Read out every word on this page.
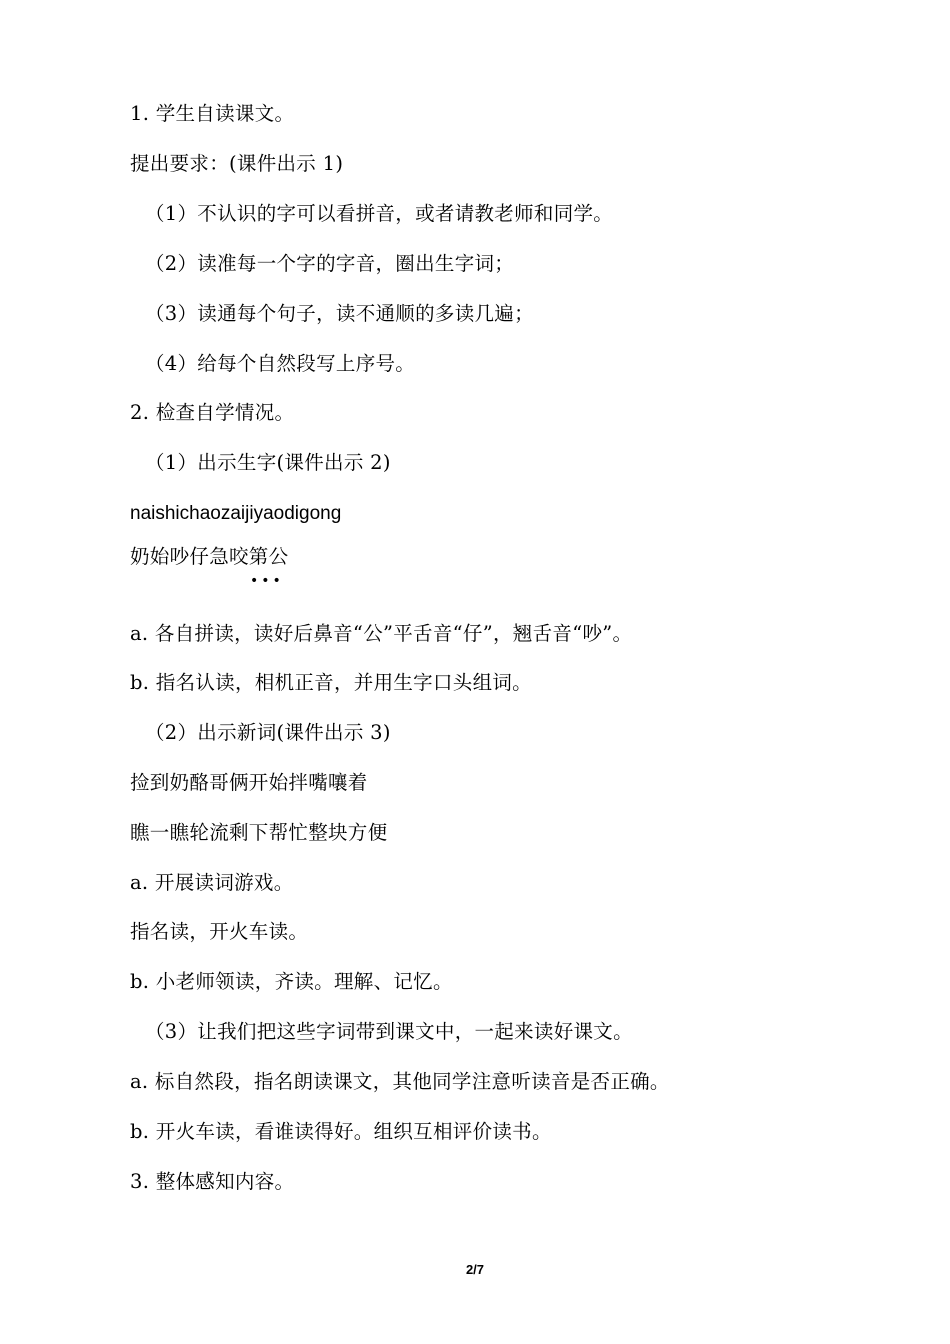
1. 学生自读课文。
提出要求：(课件出示 1)
（1）不认识的字可以看拼音，或者请教老师和同学。
（2）读准每一个字的字音，圈出生字词；
（3）读通每个句子，读不通顺的多读几遍；
（4）给每个自然段写上序号。
2. 检查自学情况。
（1）出示生字(课件出示 2)
naishichaozaijiyaodigong
奶始吵仔急咬第公
•••
a. 各自拼读，读好后鼻音“公”平舌音“仔”，翘舌音“吵”。
b. 指名认读，相机正音，并用生字口头组词。
（2）出示新词(课件出示 3)
捡到奶酪哥俩开始拌嘴嚷着
瞧一瞧轮流剩下帮忙整块方便
a. 开展读词游戏。
指名读，开火车读。
b. 小老师领读，齐读。理解、记忆。
（3）让我们把这些字词带到课文中，一起来读好课文。
a. 标自然段，指名朗读课文，其他同学注意听读音是否正确。
b. 开火车读，看谁读得好。组织互相评价读书。
3. 整体感知内容。
2/7
